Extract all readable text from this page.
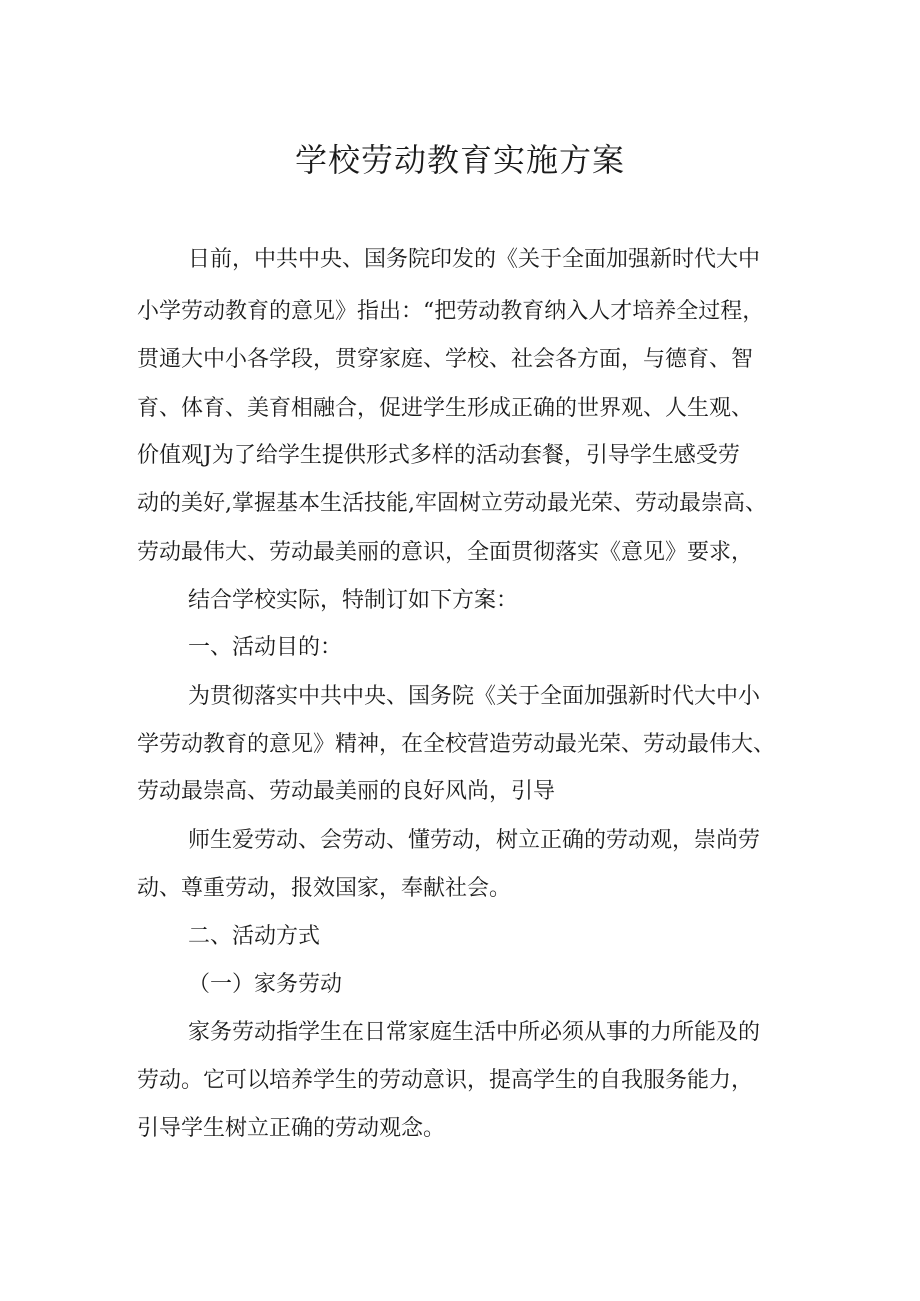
学校劳动教育实施方案

日前，中共中央、国务院印发的《关于全面加强新时代大中

小学劳动教育的意见》指出：“把劳动教育纳入人才培养全过程，

贯通大中小各学段，贯穿家庭、学校、社会各方面，与德育、智

育、体育、美育相融合，促进学生形成正确的世界观、人生观、

价值观J为了给学生提供形式多样的活动套餐，引导学生感受劳

动的美好,掌握基本生活技能,牢固树立劳动最光荣、劳动最崇高、

劳动最伟大、劳动最美丽的意识，全面贯彻落实《意见》要求，

结合学校实际，特制订如下方案：

一、活动目的：

为贯彻落实中共中央、国务院《关于全面加强新时代大中小

学劳动教育的意见》精神，在全校营造劳动最光荣、劳动最伟大、

劳动最崇高、劳动最美丽的良好风尚，引导

师生爱劳动、会劳动、懂劳动，树立正确的劳动观，崇尚劳

动、尊重劳动，报效国家，奉献社会。

二、活动方式

（一）家务劳动

家务劳动指学生在日常家庭生活中所必须从事的力所能及的

劳动。它可以培养学生的劳动意识，提高学生的自我服务能力，

引导学生树立正确的劳动观念。
